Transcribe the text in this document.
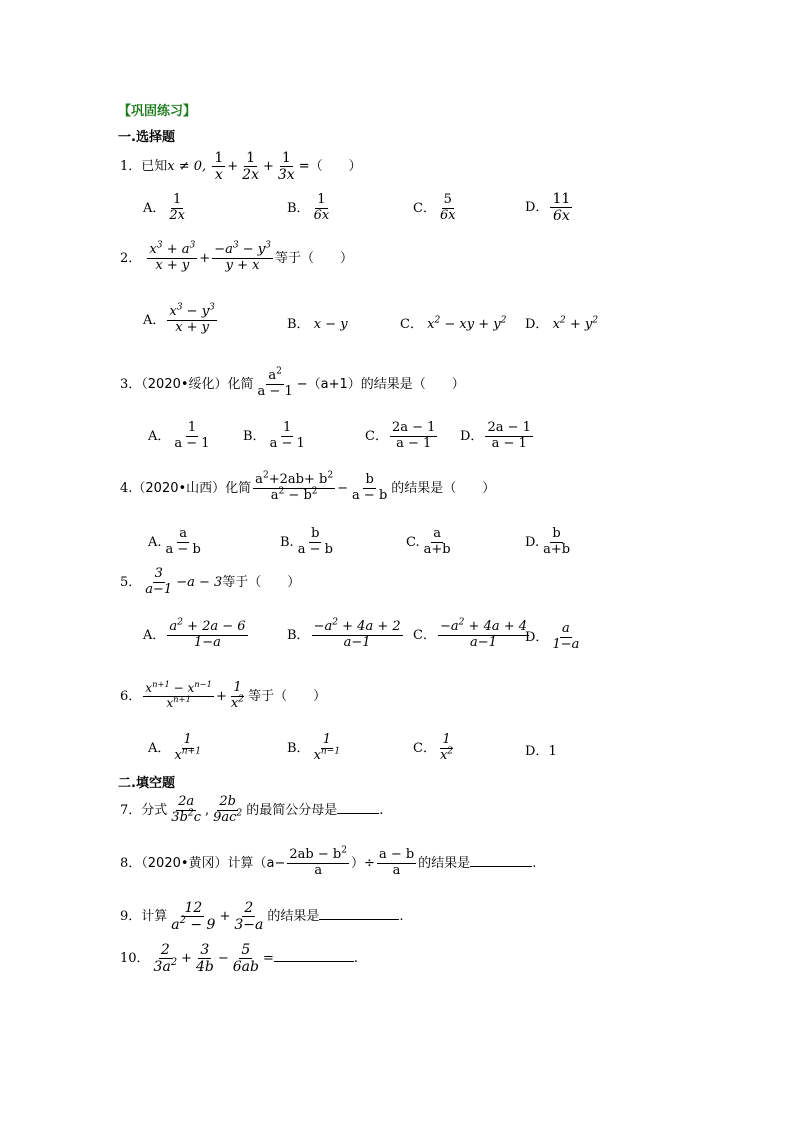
【巩固练习】
一.选择题
1．已知x ≠ 0, $\frac{1}{x} + \frac{1}{2x} + \frac{1}{3x}$ =（　　）
A． $\frac{1}{2x}$	B． $\frac{1}{6x}$	C． $\frac{5}{6x}$	D． $\frac{11}{6x}$
2． $\frac{x^3 + a^3}{x + y} + \frac{-a^3 - y^3}{y + x}$ 等于（　　）
A． $\frac{x^3 - y^3}{x + y}$	B． x − y	C． $x^2$ − xy + $y^2$ D． $x^2 + y^2$
3．（2020•绥化）化简 $\frac{a^2}{a - 1} -(a+1)$的结果是（　　）
A． $\frac{1}{a - 1}$ B． $\frac{1}{a - 1}$	C． $\frac{2a - 1}{a - 1}$ D． $\frac{2a - 1}{a - 1}$
4.（2020•山西）化简 $\frac{a^2+2ab+ b^2}{a^2 - b^2} - \frac{b}{a - b}$ 的结果是（　　）
A. $\frac{a}{a - b}$	B. $\frac{b}{a - b}$	C. $\frac{a}{a+b}$	D. $\frac{b}{a+b}$
5． $\frac{3}{a-1} -a - 3$等于（　　）
A． $\frac{a^2 + 2a - 6}{1-a}$	B． $\frac{-a^2 + 4a + 2}{a-1}$ C． $\frac{-a^2 + 4a + 4}{a-1}$
D． $\frac{a}{1-a}$
6． $\frac{x^{n+1} - x^{n-1}}{x^{n+1}} + \frac{1}{x^2}$ 等于（　　）
A． $\frac{1}{x^{n+1}}$	B． $\frac{1}{x^{n-1}}$	C． $\frac{1}{x^2}$	D．1
二.填空题
7．分式 $\frac{2a}{3b^2c}$ , $\frac{2b}{9ac^2}$ 的最简公分母是	.
8．（2020•黄冈）计算（$a- \frac{2ab - b^2}{a}$ ）÷ $\frac{a - b}{a}$ 的结果是	.
9．计算 $\frac{12}{a^2 - 9} + \frac{2}{3-a}$ 的结果是	.
10． $\frac{2}{3a^2} + \frac{3}{4b} - \frac{5}{6ab}$ =	.
